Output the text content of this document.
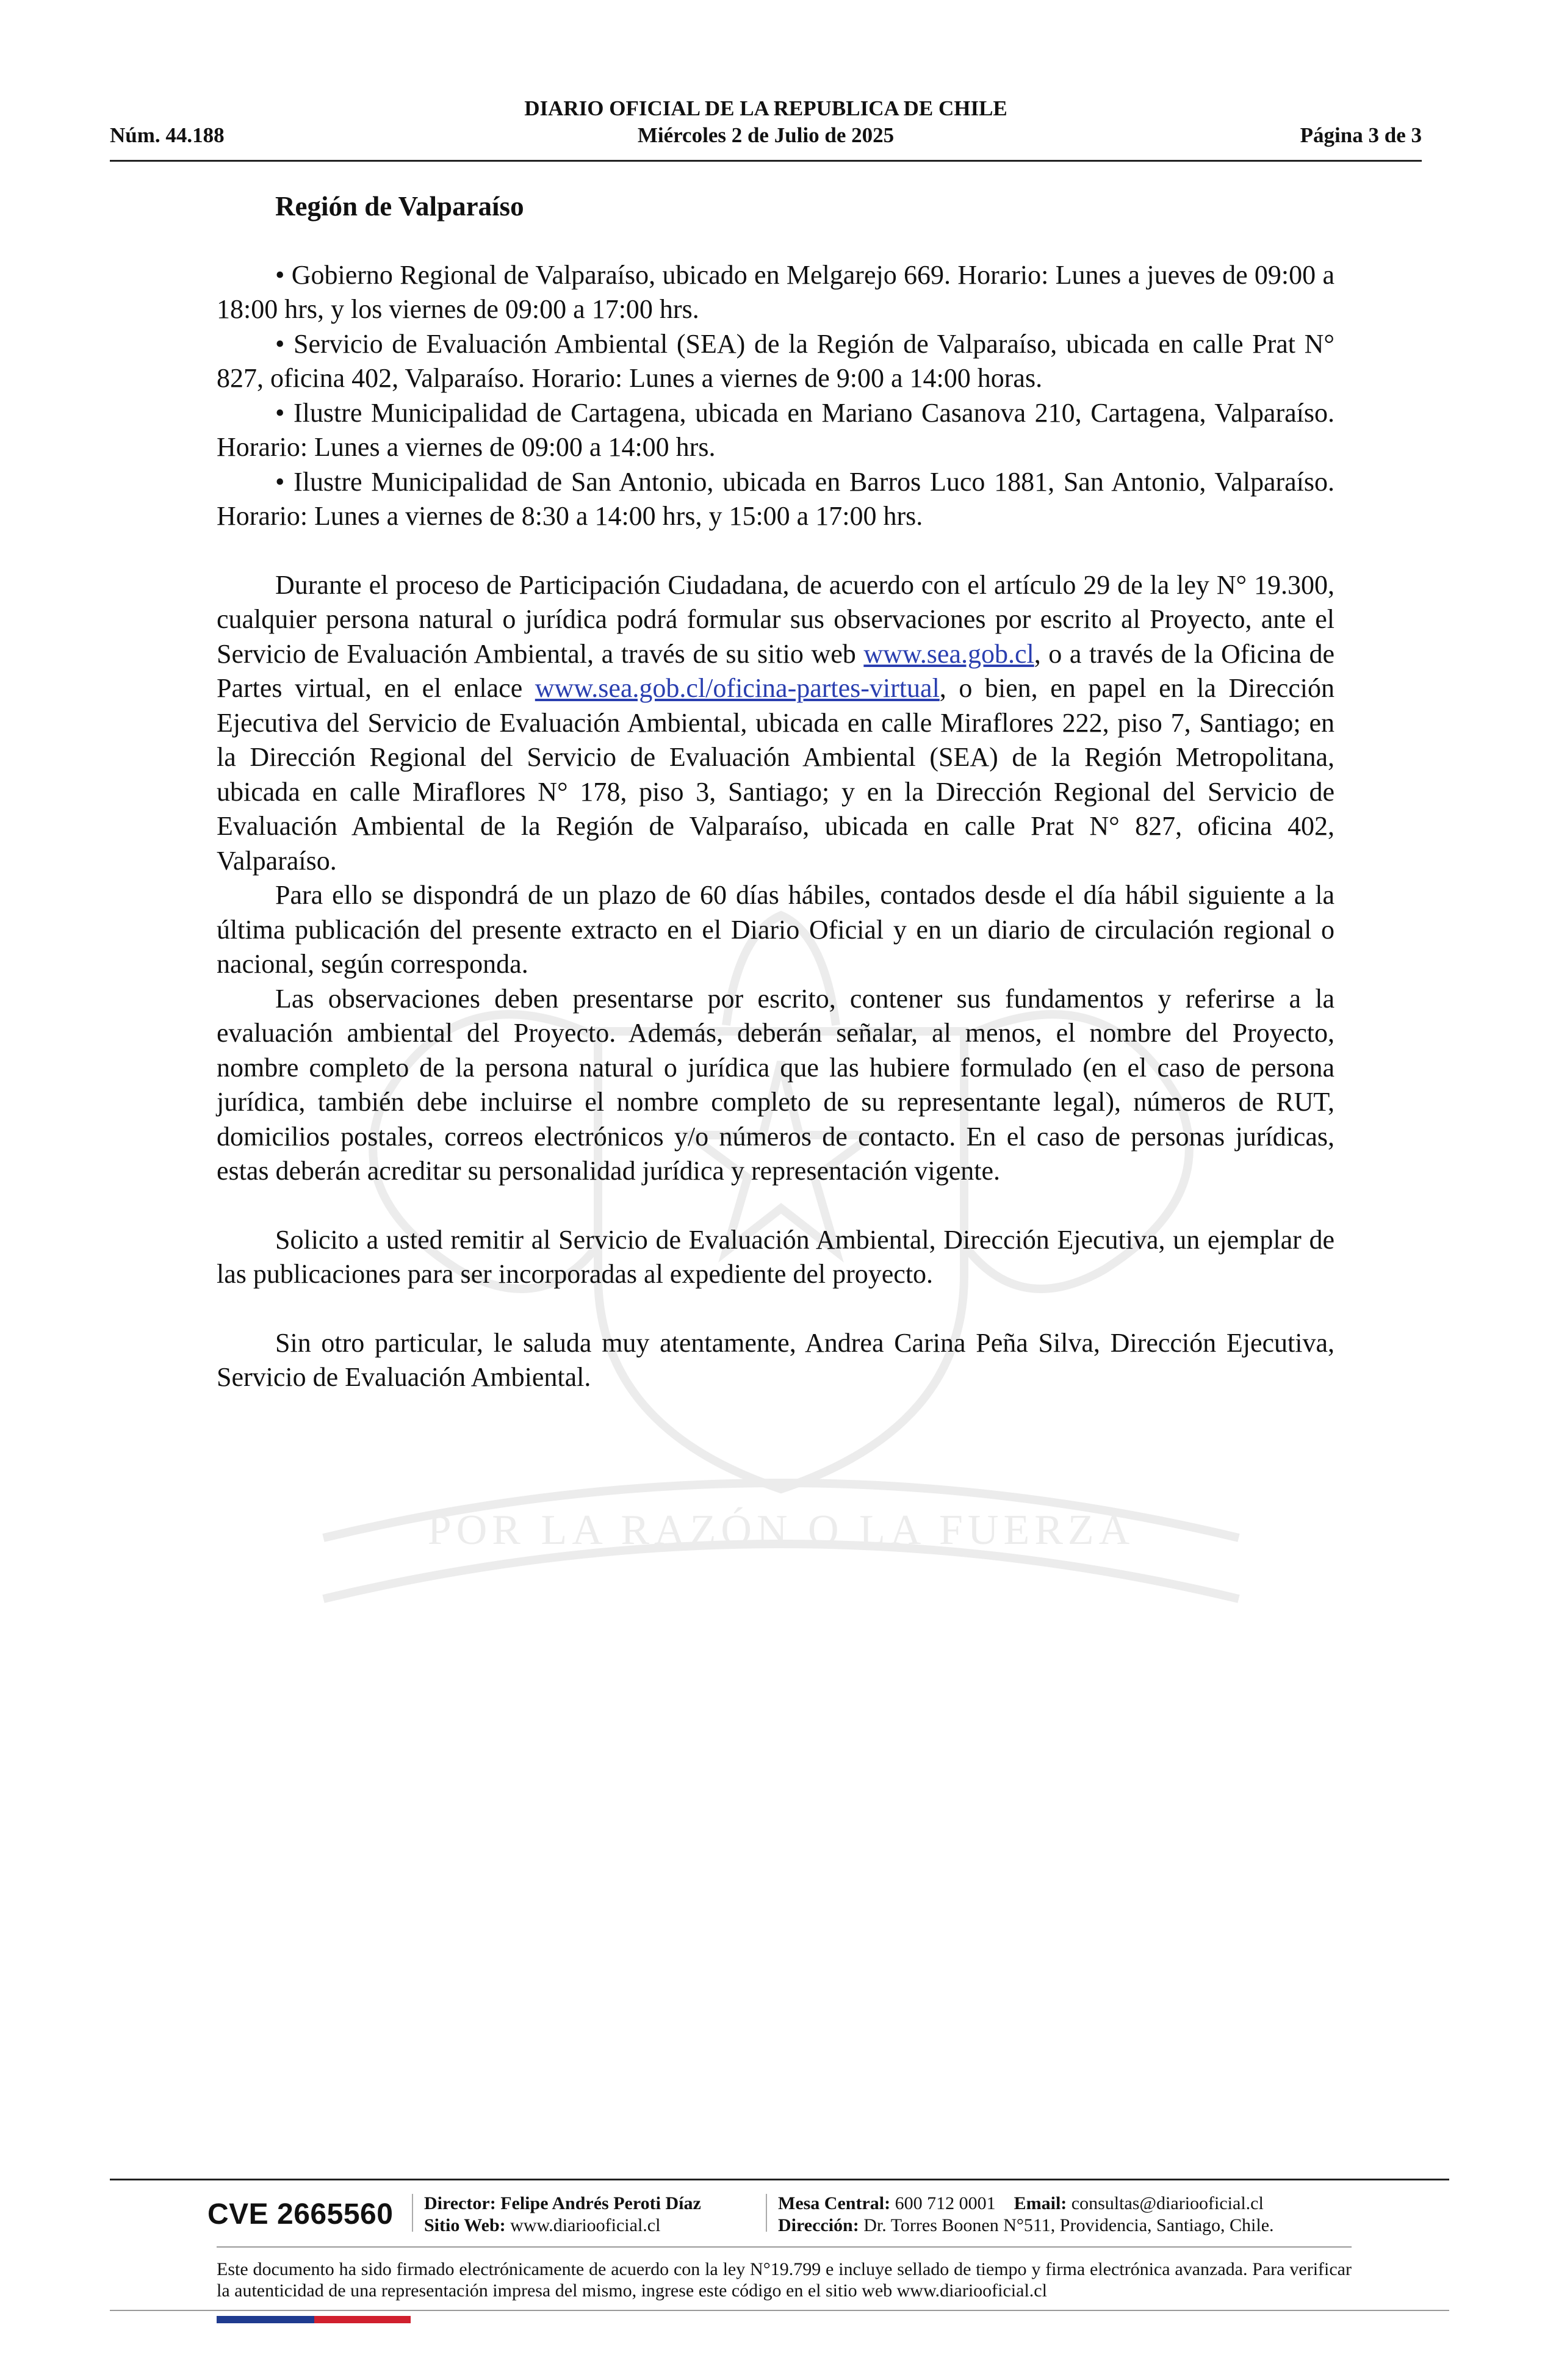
POR LA RAZÓN O LA FUERZA
DIARIO OFICIAL DE LA REPUBLICA DE CHILE
Núm. 44.188	Miércoles 2 de Julio de 2025	Página 3 de 3
Región de Valparaíso

• Gobierno Regional de Valparaíso, ubicado en Melgarejo 669. Horario: Lunes a jueves de 09:00 a 18:00 hrs, y los viernes de 09:00 a 17:00 hrs.

• Servicio de Evaluación Ambiental (SEA) de la Región de Valparaíso, ubicada en calle Prat N° 827, oficina 402, Valparaíso. Horario: Lunes a viernes de 9:00 a 14:00 horas.

• Ilustre Municipalidad de Cartagena, ubicada en Mariano Casanova 210, Cartagena, Valparaíso. Horario: Lunes a viernes de 09:00 a 14:00 hrs.

• Ilustre Municipalidad de San Antonio, ubicada en Barros Luco 1881, San Antonio, Valparaíso. Horario: Lunes a viernes de 8:30 a 14:00 hrs, y 15:00 a 17:00 hrs.

Durante el proceso de Participación Ciudadana, de acuerdo con el artículo 29 de la ley N° 19.300, cualquier persona natural o jurídica podrá formular sus observaciones por escrito al Proyecto, ante el Servicio de Evaluación Ambiental, a través de su sitio web www.sea.gob.cl, o a través de la Oficina de Partes virtual, en el enlace www.sea.gob.cl/oficina-partes-virtual, o bien, en papel en la Dirección Ejecutiva del Servicio de Evaluación Ambiental, ubicada en calle Miraflores 222, piso 7, Santiago; en la Dirección Regional del Servicio de Evaluación Ambiental (SEA) de la Región Metropolitana, ubicada en calle Miraflores N° 178, piso 3, Santiago; y en la Dirección Regional del Servicio de Evaluación Ambiental de la Región de Valparaíso, ubicada en calle Prat N° 827, oficina 402, Valparaíso.

Para ello se dispondrá de un plazo de 60 días hábiles, contados desde el día hábil siguiente a la última publicación del presente extracto en el Diario Oficial y en un diario de circulación regional o nacional, según corresponda.

Las observaciones deben presentarse por escrito, contener sus fundamentos y referirse a la evaluación ambiental del Proyecto. Además, deberán señalar, al menos, el nombre del Proyecto, nombre completo de la persona natural o jurídica que las hubiere formulado (en el caso de persona jurídica, también debe incluirse el nombre completo de su representante legal), números de RUT, domicilios postales, correos electrónicos y/o números de contacto. En el caso de personas jurídicas, estas deberán acreditar su personalidad jurídica y representación vigente.

Solicito a usted remitir al Servicio de Evaluación Ambiental, Dirección Ejecutiva, un ejemplar de las publicaciones para ser incorporadas al expediente del proyecto.

Sin otro particular, le saluda muy atentamente, Andrea Carina Peña Silva, Dirección Ejecutiva, Servicio de Evaluación Ambiental.

CVE 2665560 Director: Felipe Andrés Peroti Díaz
Sitio Web: www.diariooficial.cl
Mesa Central: 600 712 0001 Email: consultas@diariooficial.cl
Dirección: Dr. Torres Boonen N°511, Providencia, Santiago, Chile.
Este documento ha sido firmado electrónicamente de acuerdo con la ley N°19.799 e incluye sellado de tiempo y firma electrónica avanzada. Para verificar la autenticidad de una representación impresa del mismo, ingrese este código en el sitio web www.diariooficial.cl
